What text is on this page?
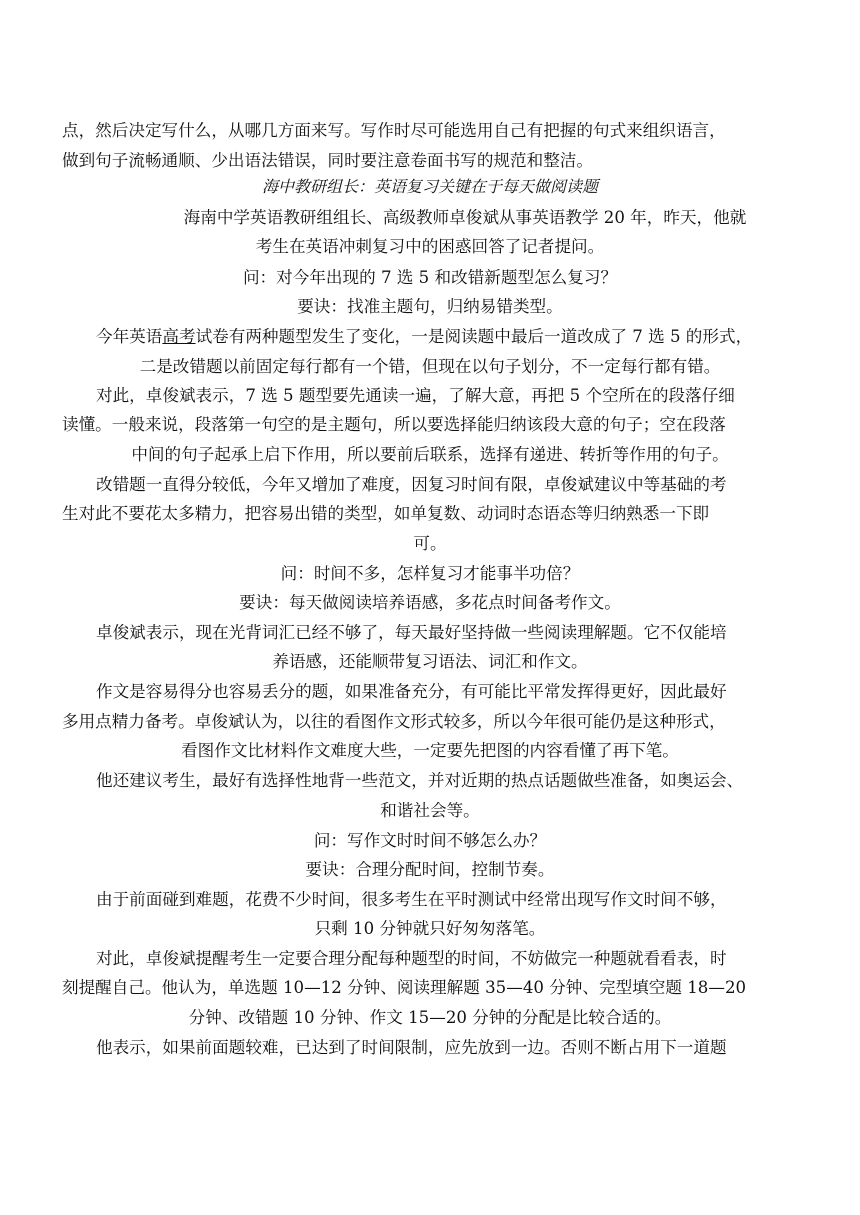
点，然后决定写什么，从哪几方面来写。写作时尽可能选用自己有把握的句式来组织语言，
做到句子流畅通顺、少出语法错误，同时要注意卷面书写的规范和整洁。
海中教研组长：英语复习关键在于每天做阅读题
海南中学英语教研组组长、高级教师卓俊斌从事英语教学 20 年，昨天，他就
考生在英语冲刺复习中的困惑回答了记者提问。
问：对今年出现的 7 选 5 和改错新题型怎么复习？
要诀：找准主题句，归纳易错类型。
今年英语高考试卷有两种题型发生了变化，一是阅读题中最后一道改成了 7 选 5 的形式，
二是改错题以前固定每行都有一个错，但现在以句子划分，不一定每行都有错。
对此，卓俊斌表示，7 选 5 题型要先通读一遍，了解大意，再把 5 个空所在的段落仔细
读懂。一般来说，段落第一句空的是主题句，所以要选择能归纳该段大意的句子；空在段落
中间的句子起承上启下作用，所以要前后联系，选择有递进、转折等作用的句子。
改错题一直得分较低，今年又增加了难度，因复习时间有限，卓俊斌建议中等基础的考
生对此不要花太多精力，把容易出错的类型，如单复数、动词时态语态等归纳熟悉一下即
可。
问：时间不多，怎样复习才能事半功倍？
要诀：每天做阅读培养语感，多花点时间备考作文。
卓俊斌表示，现在光背词汇已经不够了，每天最好坚持做一些阅读理解题。它不仅能培
养语感，还能顺带复习语法、词汇和作文。
作文是容易得分也容易丢分的题，如果准备充分，有可能比平常发挥得更好，因此最好
多用点精力备考。卓俊斌认为，以往的看图作文形式较多，所以今年很可能仍是这种形式，
看图作文比材料作文难度大些，一定要先把图的内容看懂了再下笔。
他还建议考生，最好有选择性地背一些范文，并对近期的热点话题做些准备，如奥运会、
和谐社会等。
问：写作文时时间不够怎么办？
要诀：合理分配时间，控制节奏。
由于前面碰到难题，花费不少时间，很多考生在平时测试中经常出现写作文时间不够，
只剩 10 分钟就只好匆匆落笔。
对此，卓俊斌提醒考生一定要合理分配每种题型的时间，不妨做完一种题就看看表，时
刻提醒自己。他认为，单选题 10—12 分钟、阅读理解题 35—40 分钟、完型填空题 18—20
分钟、改错题 10 分钟、作文 15—20 分钟的分配是比较合适的。
他表示，如果前面题较难，已达到了时间限制，应先放到一边。否则不断占用下一道题
